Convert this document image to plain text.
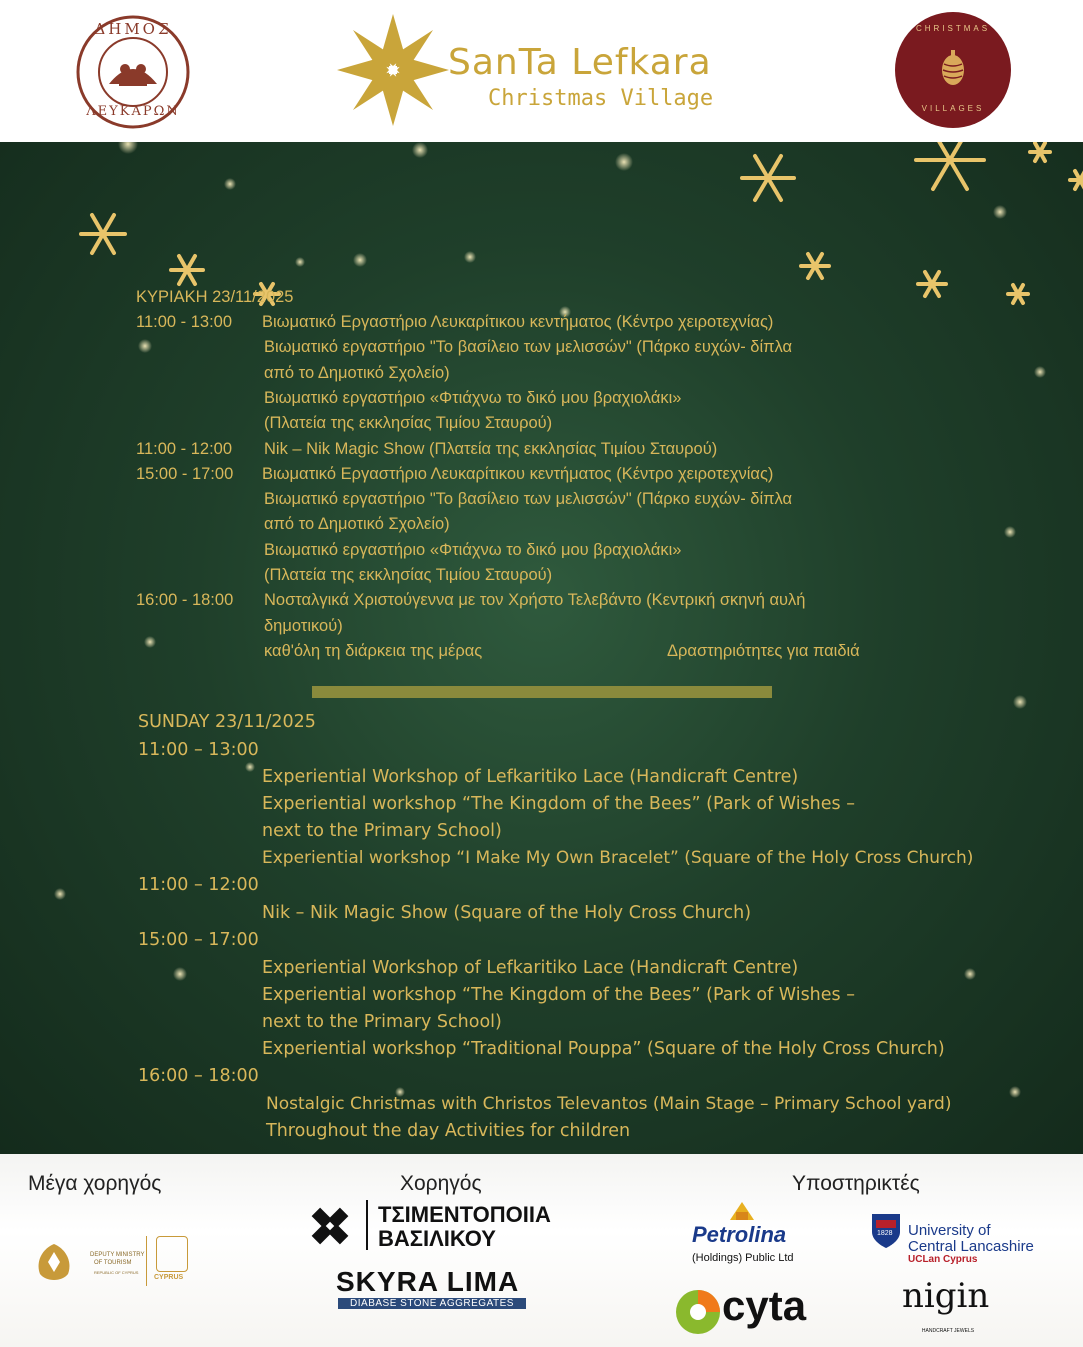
ΔΗΜΟΣ
ΛΕΥΚΑΡΩΝ
SanTa Lefkara
Christmas Village
CHRISTMAS
VILLAGES
ΚΥΡΙΑΚΗ 23/11/2025
11:00 - 13:00 Βιωματικό Εργαστήριο Λευκαρίτικου κεντήματος (Κέντρο χειροτεχνίας)
Βιωματικό εργαστήριο "Το βασίλειο των μελισσών" (Πάρκο ευχών- δίπλα
από το Δημοτικό Σχολείο)
Βιωματικό εργαστήριο «Φτιάχνω το δικό μου βραχιολάκι»
(Πλατεία της εκκλησίας Τιμίου Σταυρού)
11:00 - 12:00 Nik – Nik Magic Show (Πλατεία της εκκλησίας Τιμίου Σταυρού)
15:00 - 17:00 Βιωματικό Εργαστήριο Λευκαρίτικου κεντήματος (Κέντρο χειροτεχνίας)
Βιωματικό εργαστήριο "Το βασίλειο των μελισσών" (Πάρκο ευχών- δίπλα
από το Δημοτικό Σχολείο)
Βιωματικό εργαστήριο «Φτιάχνω το δικό μου βραχιολάκι»
(Πλατεία της εκκλησίας Τιμίου Σταυρού)
16:00 - 18:00 Νοσταλγικά Χριστούγεννα με τον Χρήστο Τελεβάντο (Κεντρική σκηνή αυλή
δημοτικού)
καθ'όλη τη διάρκεια της μέρας	Δραστηριότητες για παιδιά
SUNDAY 23/11/2025
11:00 – 13:00
Experiential Workshop of Lefkaritiko Lace (Handicraft Centre)
Experiential workshop “The Kingdom of the Bees” (Park of Wishes –
next to the Primary School)
Experiential workshop “I Make My Own Bracelet” (Square of the Holy Cross Church)
11:00 – 12:00
Nik – Nik Magic Show (Square of the Holy Cross Church)
15:00 – 17:00
Experiential Workshop of Lefkaritiko Lace (Handicraft Centre)
Experiential workshop “The Kingdom of the Bees” (Park of Wishes –
next to the Primary School)
Experiential workshop “Traditional Pouppa” (Square of the Holy Cross Church)
16:00 – 18:00
Nostalgic Christmas with Christos Televantos (Main Stage – Primary School yard)
Throughout the day Activities for children
Μέγα χορηγός	Χορηγός	Υποστηρικτές
DEPUTY MINISTRY
OF TOURISM
REPUBLIC OF CYPRUS
CYPRUS
ΤΣΙΜΕΝΤΟΠΟΙΙΑ
ΒΑΣΙΛΙΚΟΥ
SKYRA LIMA
DIABASE STONE AGGREGATES
Petrolina
(Holdings) Public Ltd
cyta
1828 University of
Central Lancashire
UCLan Cyprus
nigin
HANDCRAFT JEWELS
